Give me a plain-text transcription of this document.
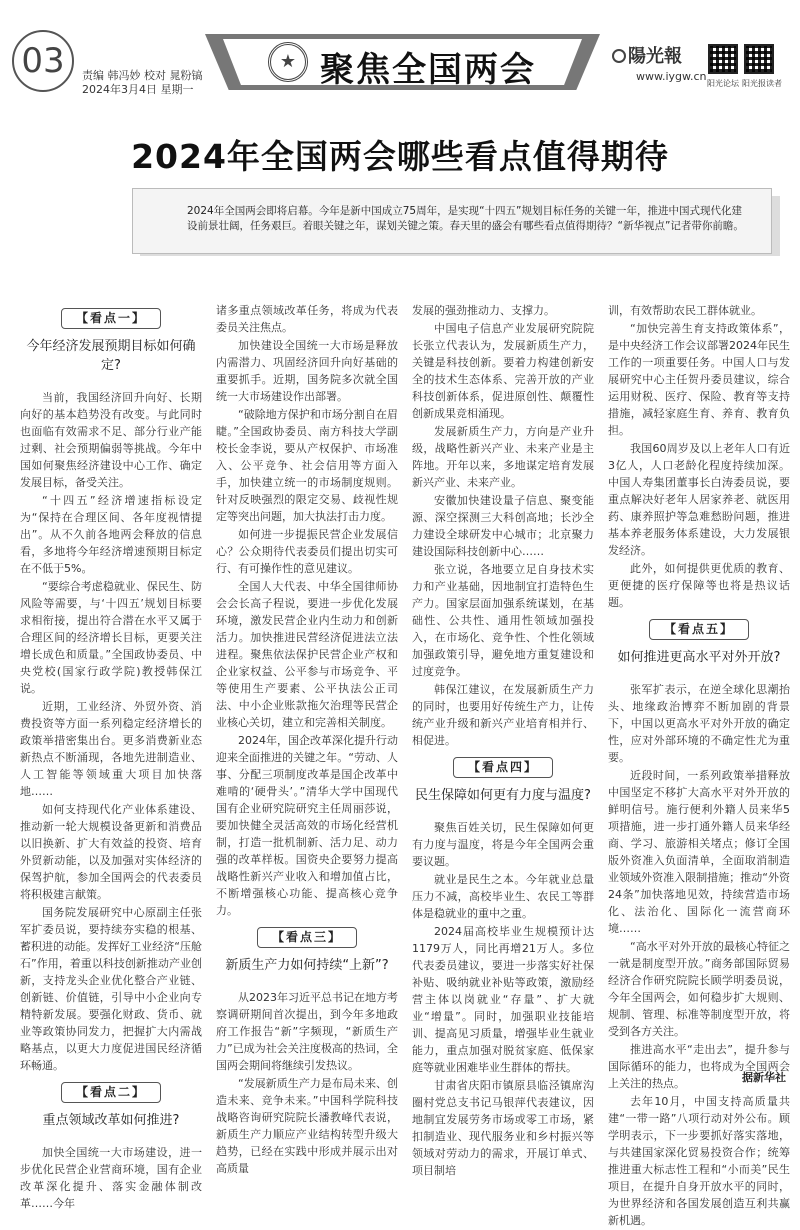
03	责编 韩冯妙 校对 晁粉镐
2024年3月4日 星期一
★	聚焦全国两会	陽光報
www.iygw.cn
阳光论坛 阳光报读者
2024年全国两会哪些看点值得期待
2024年全国两会即将启幕。今年是新中国成立75周年，是实现“十四五”规划目标任务的关键一年，推进中国式现代化建设前景壮阔，任务艰巨。着眼关键之年，谋划关键之策。春天里的盛会有哪些看点值得期待？“新华视点”记者带你前瞻。
【看点一】
今年经济发展预期目标如何确定?

当前，我国经济回升向好、长期向好的基本趋势没有改变。与此同时也面临有效需求不足、部分行业产能过剩、社会预期偏弱等挑战。今年中国如何聚焦经济建设中心工作、确定发展目标，备受关注。

“十四五”经济增速指标设定为“保持在合理区间、各年度视情提出”。从不久前各地两会释放的信息看，多地将今年经济增速预期目标定在不低于5%。

“要综合考虑稳就业、保民生、防风险等需要，与‘十四五’规划目标要求相衔接，提出符合潜在水平又属于合理区间的经济增长目标，更要关注增长成色和质量。”全国政协委员、中央党校(国家行政学院)教授韩保江说。

近期，工业经济、外贸外资、消费投资等方面一系列稳定经济增长的政策举措密集出台。更多消费新业态新热点不断涌现，各地先进制造业、人工智能等领域重大项目加快落地……

如何支持现代化产业体系建设、推动新一轮大规模设备更新和消费品以旧换新、扩大有效益的投资、培育外贸新动能，以及加强对实体经济的保驾护航，参加全国两会的代表委员将积极建言献策。

国务院发展研究中心原副主任张军扩委员说，要持续夯实稳的根基、蓄积进的动能。发挥好工业经济“压舱石”作用，着重以科技创新推动产业创新，支持龙头企业优化整合产业链、创新链、价值链，引导中小企业向专精特新发展。要强化财政、货币、就业等政策协同发力，把握扩大内需战略基点，以更大力度促进国民经济循环畅通。

【看点二】
重点领域改革如何推进?

加快全国统一大市场建设，进一步优化民营企业营商环境，国有企业改革深化提升、落实金融体制改革……今年

诸多重点领域改革任务，将成为代表委员关注焦点。

加快建设全国统一大市场是释放内需潜力、巩固经济回升向好基础的重要抓手。近期，国务院多次就全国统一大市场建设作出部署。

“破除地方保护和市场分割自在眉睫。”全国政协委员、南方科技大学副校长金李说，要从产权保护、市场准入、公平竞争、社会信用等方面入手，加快建立统一的市场制度规则。针对反映强烈的限定交易、歧视性规定等突出问题，加大执法打击力度。

如何进一步提振民营企业发展信心？公众期待代表委员们提出切实可行、有可操作性的意见建议。

全国人大代表、中华全国律师协会会长高子程说，要进一步优化发展环境，激发民营企业内生动力和创新活力。加快推进民营经济促进法立法进程。聚焦依法保护民营企业产权和企业家权益、公平参与市场竞争、平等使用生产要素、公平执法公正司法、中小企业账款拖欠治理等民营企业核心关切，建立和完善相关制度。

2024年，国企改革深化提升行动迎来全面推进的关键之年。“劳动、人事、分配三项制度改革是国企改革中难啃的‘硬骨头’。”清华大学中国现代国有企业研究院研究主任周丽莎说，要加快健全灵活高效的市场化经营机制，打造一批机制新、活力足、动力强的改革样板。国资央企要努力提高战略性新兴产业收入和增加值占比，不断增强核心功能、提高核心竞争力。

【看点三】
新质生产力如何持续“上新”?

从2023年习近平总书记在地方考察调研期间首次提出，到今年多地政府工作报告“新”字频现，“新质生产力”已成为社会关注度极高的热词，全国两会期间将继续引发热议。

“发展新质生产力是布局未来、创造未来、竞争未来。”中国科学院科技战略咨询研究院院长潘教峰代表说，新质生产力顺应产业结构转型升级大趋势，已经在实践中形成并展示出对高质量

发展的强劲推动力、支撑力。

中国电子信息产业发展研究院院长张立代表认为，发展新质生产力，关键是科技创新。要着力构建创新安全的技术生态体系、完善开放的产业科技创新体系，促进原创性、颠覆性创新成果竞相涌现。

发展新质生产力，方向是产业升级，战略性新兴产业、未来产业是主阵地。开年以来，多地谋定培育发展新兴产业、未来产业。

安徽加快建设量子信息、聚变能源、深空探测三大科创高地；长沙全力建设全球研发中心城市；北京聚力建设国际科技创新中心……

张立说，各地要立足自身技术实力和产业基础，因地制宜打造特色生产力。国家层面加强系统谋划，在基础性、公共性、通用性领域加强投入，在市场化、竞争性、个性化领域加强政策引导，避免地方重复建设和过度竞争。

韩保江建议，在发展新质生产力的同时，也要用好传统生产力，让传统产业升级和新兴产业培育相并行、相促进。

【看点四】
民生保障如何更有力度与温度?

聚焦百姓关切，民生保障如何更有力度与温度，将是今年全国两会重要议题。

就业是民生之本。今年就业总量压力不减，高校毕业生、农民工等群体是稳就业的重中之重。

2024届高校毕业生规模预计达1179万人，同比再增21万人。多位代表委员建议，要进一步落实好社保补贴、吸纳就业补贴等政策，激励经营主体以岗就业“存量”、扩大就业“增量”。同时，加强职业技能培训、提高见习质量，增强毕业生就业能力，重点加强对脱贫家庭、低保家庭等就业困难毕业生群体的帮扶。

甘肃省庆阳市镇原县临泾镇席沟圈村党总支书记马银萍代表建议，因地制宜发展劳务市场或零工市场，紧扣制造业、现代服务业和乡村振兴等领域对劳动力的需求，开展订单式、项目制培

训，有效帮助农民工群体就业。

“加快完善生育支持政策体系”，是中央经济工作会议部署2024年民生工作的一项重要任务。中国人口与发展研究中心主任贺丹委员建议，综合运用财税、医疗、保险、教育等支持措施，减轻家庭生育、养育、教育负担。

我国60周岁及以上老年人口有近3亿人，人口老龄化程度持续加深。中国人寿集团董事长白涛委员说，要重点解决好老年人居家养老、就医用药、康养照护等急难愁盼问题，推进基本养老服务体系建设，大力发展银发经济。

此外，如何提供更优质的教育、更便捷的医疗保障等也将是热议话题。

【看点五】
如何推进更高水平对外开放?

张军扩表示，在逆全球化思潮抬头、地缘政治博弈不断加剧的背景下，中国以更高水平对外开放的确定性，应对外部环境的不确定性尤为重要。

近段时间，一系列政策举措释放中国坚定不移扩大高水平对外开放的鲜明信号。施行便利外籍人员来华5项措施，进一步打通外籍人员来华经商、学习、旅游相关堵点；修订全国版外资准入负面清单，全面取消制造业领域外资准入限制措施；推动“外资24条”加快落地见效，持续营造市场化、法治化、国际化一流营商环境……

“高水平对外开放的最核心特征之一就是制度型开放。”商务部国际贸易经济合作研究院院长顾学明委员说，今年全国两会，如何稳步扩大规则、规制、管理、标准等制度型开放，将受到各方关注。

推进高水平“走出去”，提升参与国际循环的能力，也将成为全国两会上关注的热点。

去年10月，中国支持高质量共建“一带一路”八项行动对外公布。顾学明表示，下一步要抓好落实落地，与共建国家深化贸易投资合作；统筹推进重大标志性工程和“小而美”民生项目，在提升自身开放水平的同时，为世界经济和各国发展创造互利共赢新机遇。

据新华社
